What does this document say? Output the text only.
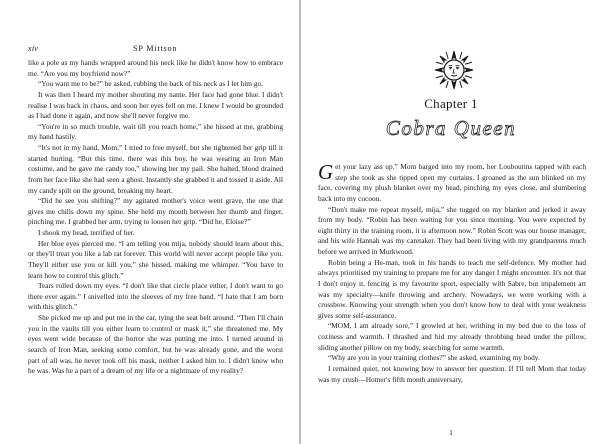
xiv	SP Mittson

like a pole as my hands wrapped around his neck like he didn't know how to embrace me. “Are you my boyfriend now?”

“You want me to be?” he asked, rubbing the back of his neck as I let him go.

It was then I heard my mother shouting my name. Her face had gone blue. I didn't realise I was back in chaos, and soon her eyes fell on me. I knew I would be grounded as I had done it again, and now she'll never forgive me.

“You're in so much trouble, wait till you reach home,” she hissed at me, grabbing my hand hastily.

“It's not in my hand, Mom,” I tried to free myself, but she tightened her grip till it started hurting. “But this time, there was this boy, he was wearing an Iron Man costume, and he gave me candy too,” showing her my pail. She halted, blood drained from her face like she had seen a ghost. Instantly she grabbed it and tossed it aside. All my candy spilt on the ground, breaking my heart.

“Did he see you shifting?” my agitated mother's voice went grave, the one that gives me chills down my spine. She held my mouth between her thumb and finger, pinching me. I grabbed her arm, trying to loosen her grip. “Did he, Eloise?”

I shook my head, terrified of her.

Her blue eyes pierced me. “I am telling you mija, nobody should learn about this, or they'll treat you like a lab rat forever. This world will never accept people like you. They'll either use you or kill you,” she hissed, making me whimper. “You have to learn how to control this glitch.”

Tears rolled down my eyes. “I don't like that circle place either, I don't want to go there ever again.” I snivelled into the sleeves of my free hand. “I hate that I am born with this glitch.”

She picked me up and put me in the car, tying the seat belt around. “Then I'll chain you in the vaults till you either learn to control or mask it,” she threatened me. My eyes went wide because of the horror she was putting me into. I turned around in search of Iron Man, seeking some comfort, but he was already gone, and the worst part of all was, he never took off his mask, neither I asked him to. I didn't know who he was. Was he a part of a dream of my life or a nightmare of my reality?

Chapter 1
Cobra Queen

Get your lazy ass up.” Mom barged into my room, her Louboutins tapped with each step she took as she tipped open my curtains. I groaned as the sun blinked on my face, covering my plush blanket over my head, pinching my eyes close, and slumbering back into my cocoon.

“Don't make me repeat myself, mija,” she tugged on my blanket and jerked it away from my body. “Robin has been waiting for you since morning. You were expected by eight thirty in the training room, it is afternoon now.” Robin Scott was our house manager, and his wife Hannah was my caretaker. They had been living with my grandparents much before we arrived in Murkwood.

Robin being a He-man, took in his hands to teach me self-defence. My mother had always prioritised my training to prepare me for any danger I might encounter. It's not that I don't enjoy it, fencing is my favourite sport, especially with Sabre, but impalement art was my specialty—knife throwing and archery. Nowadays, we were working with a crossbow. Knowing your strength when you don't know how to deal with your weakness gives some self-assurance.

“MOM, I am already sore,” I growled at her, writhing in my bed due to the loss of coziness and warmth. I thrashed and hid my already throbbing head under the pillow, sliding another pillow on my body, searching for some warmth.

“Why are you in your training clothes?” she asked, examining my body.

I remained quiet, not knowing how to answer her question. If I'll tell Mom that today was my crush—Homer's fifth month anniversary,

1
